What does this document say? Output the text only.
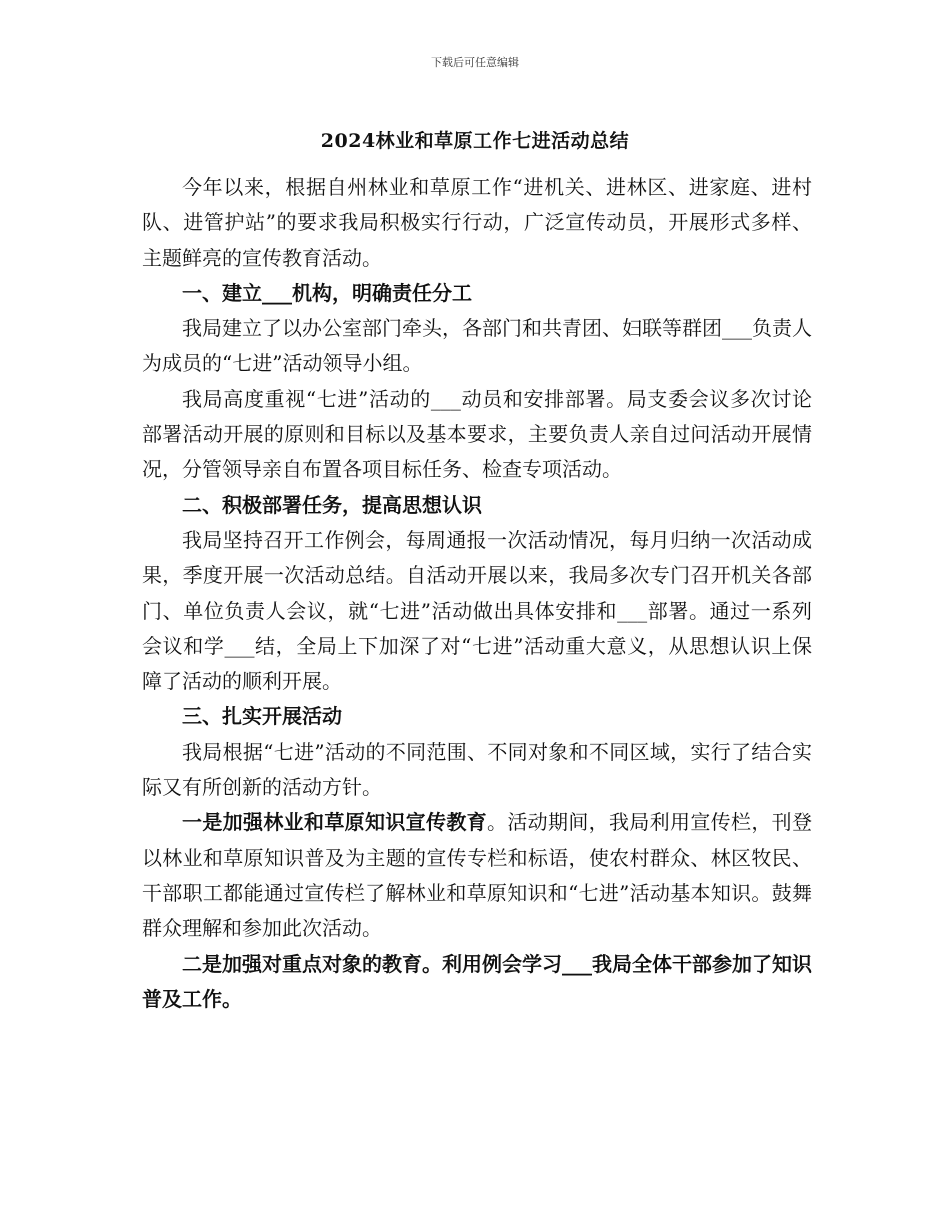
下载后可任意编辑
2024林业和草原工作七进活动总结

今年以来，根据自州林业和草原工作“进机关、进林区、进家庭、进村队、进管护站”的要求我局积极实行行动，广泛宣传动员，开展形式多样、主题鲜亮的宣传教育活动。

一、建立___机构，明确责任分工

我局建立了以办公室部门牵头，各部门和共青团、妇联等群团___负责人为成员的“七进”活动领导小组。

我局高度重视“七进”活动的___动员和安排部署。局支委会议多次讨论部署活动开展的原则和目标以及基本要求，主要负责人亲自过问活动开展情况，分管领导亲自布置各项目标任务、检查专项活动。

二、积极部署任务，提高思想认识

我局坚持召开工作例会，每周通报一次活动情况，每月归纳一次活动成果，季度开展一次活动总结。自活动开展以来，我局多次专门召开机关各部门、单位负责人会议，就“七进”活动做出具体安排和___部署。通过一系列会议和学___结，全局上下加深了对“七进”活动重大意义，从思想认识上保障了活动的顺利开展。

三、扎实开展活动

我局根据“七进”活动的不同范围、不同对象和不同区域，实行了结合实际又有所创新的活动方针。

一是加强林业和草原知识宣传教育。活动期间，我局利用宣传栏，刊登以林业和草原知识普及为主题的宣传专栏和标语，使农村群众、林区牧民、干部职工都能通过宣传栏了解林业和草原知识和“七进”活动基本知识。鼓舞群众理解和参加此次活动。

二是加强对重点对象的教育。利用例会学习___我局全体干部参加了知识普及工作。
